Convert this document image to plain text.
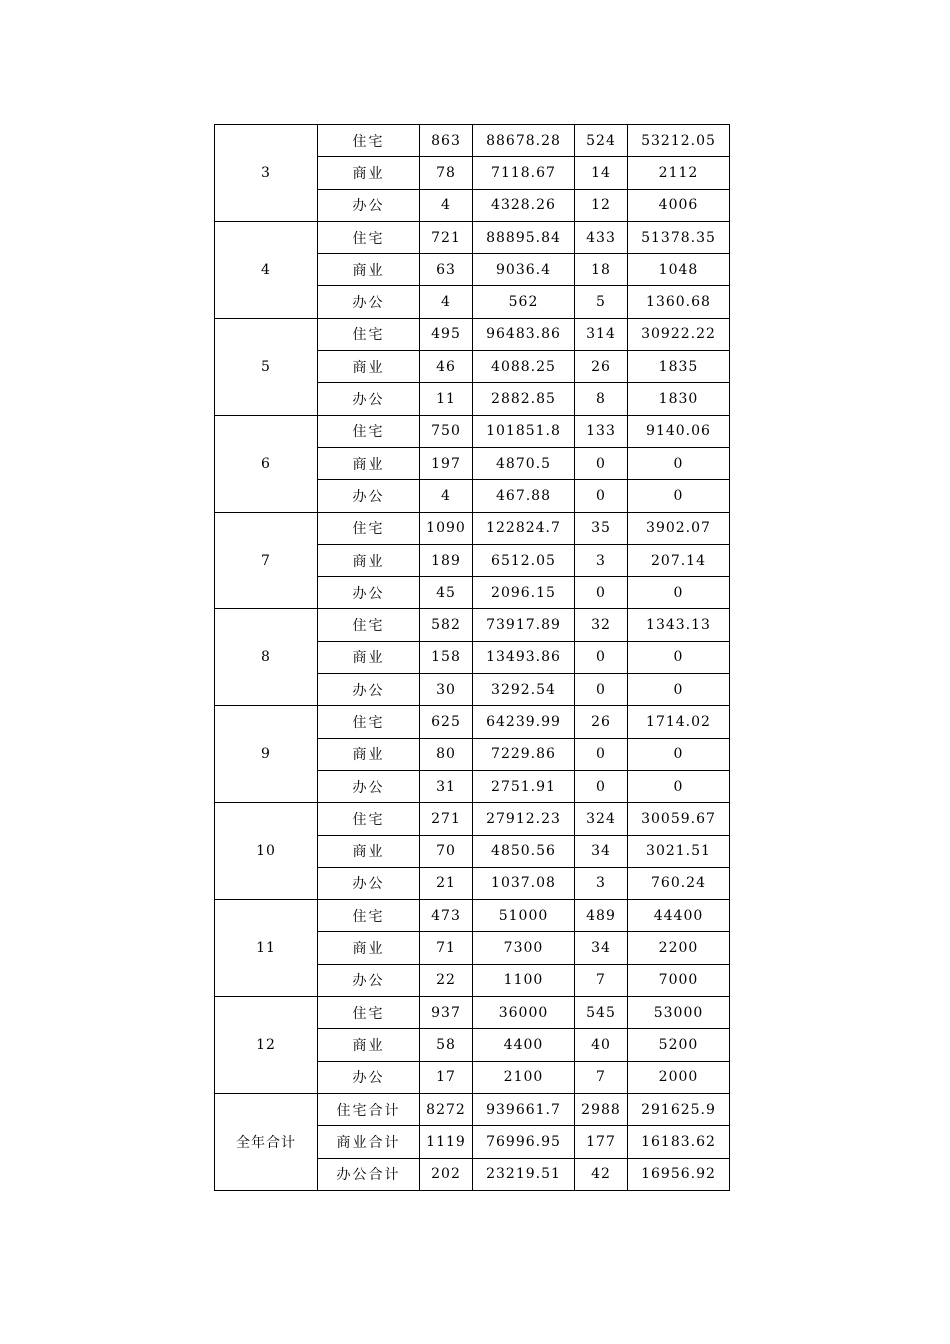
3	住宅	863	88678.28	524	53212.05
	商业	78	7118.67	14	2112
	办公	4	4328.26	12	4006
4	住宅	721	88895.84	433	51378.35
	商业	63	9036.4	18	1048
	办公	4	562	5	1360.68
5	住宅	495	96483.86	314	30922.22
	商业	46	4088.25	26	1835
	办公	11	2882.85	8	1830
6	住宅	750	101851.8	133	9140.06
	商业	197	4870.5	0	0
	办公	4	467.88	0	0
7	住宅	1090	122824.7	35	3902.07
	商业	189	6512.05	3	207.14
	办公	45	2096.15	0	0
8	住宅	582	73917.89	32	1343.13
	商业	158	13493.86	0	0
	办公	30	3292.54	0	0
9	住宅	625	64239.99	26	1714.02
	商业	80	7229.86	0	0
	办公	31	2751.91	0	0
10	住宅	271	27912.23	324	30059.67
	商业	70	4850.56	34	3021.51
	办公	21	1037.08	3	760.24
11	住宅	473	51000	489	44400
	商业	71	7300	34	2200
	办公	22	1100	7	7000
12	住宅	937	36000	545	53000
	商业	58	4400	40	5200
	办公	17	2100	7	2000
全年合计	住宅合计	8272	939661.7	2988	291625.9
	商业合计	1119	76996.95	177	16183.62
	办公合计	202	23219.51	42	16956.92
